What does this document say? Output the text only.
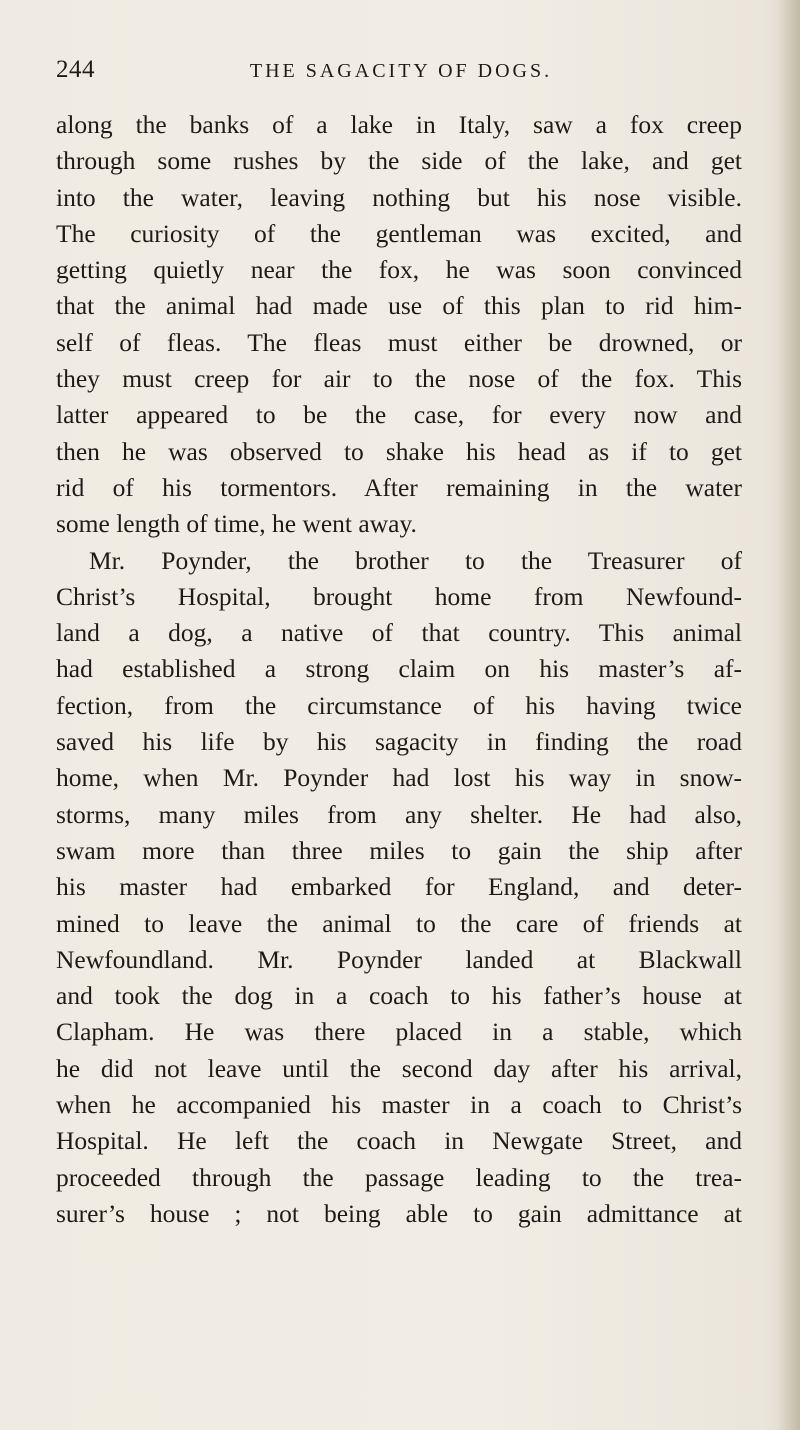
244	THE SAGACITY OF DOGS.
along the banks of a lake in Italy, saw a fox creep
through some rushes by the side of the lake, and get
into the water, leaving nothing but his nose visible.
The curiosity of the gentleman was excited, and
getting quietly near the fox, he was soon convinced
that the animal had made use of this plan to rid him-
self of fleas. The fleas must either be drowned, or
they must creep for air to the nose of the fox. This
latter appeared to be the case, for every now and
then he was observed to shake his head as if to get
rid of his tormentors. After remaining in the water
some length of time, he went away.
Mr. Poynder, the brother to the Treasurer of
Christ’s Hospital, brought home from Newfound-
land a dog, a native of that country. This animal
had established a strong claim on his master’s af-
fection, from the circumstance of his having twice
saved his life by his sagacity in finding the road
home, when Mr. Poynder had lost his way in snow-
storms, many miles from any shelter. He had also,
swam more than three miles to gain the ship after
his master had embarked for England, and deter-
mined to leave the animal to the care of friends at
Newfoundland. Mr. Poynder landed at Blackwall
and took the dog in a coach to his father’s house at
Clapham. He was there placed in a stable, which
he did not leave until the second day after his arrival,
when he accompanied his master in a coach to Christ’s
Hospital. He left the coach in Newgate Street, and
proceeded through the passage leading to the trea-
surer’s house ; not being able to gain admittance at
